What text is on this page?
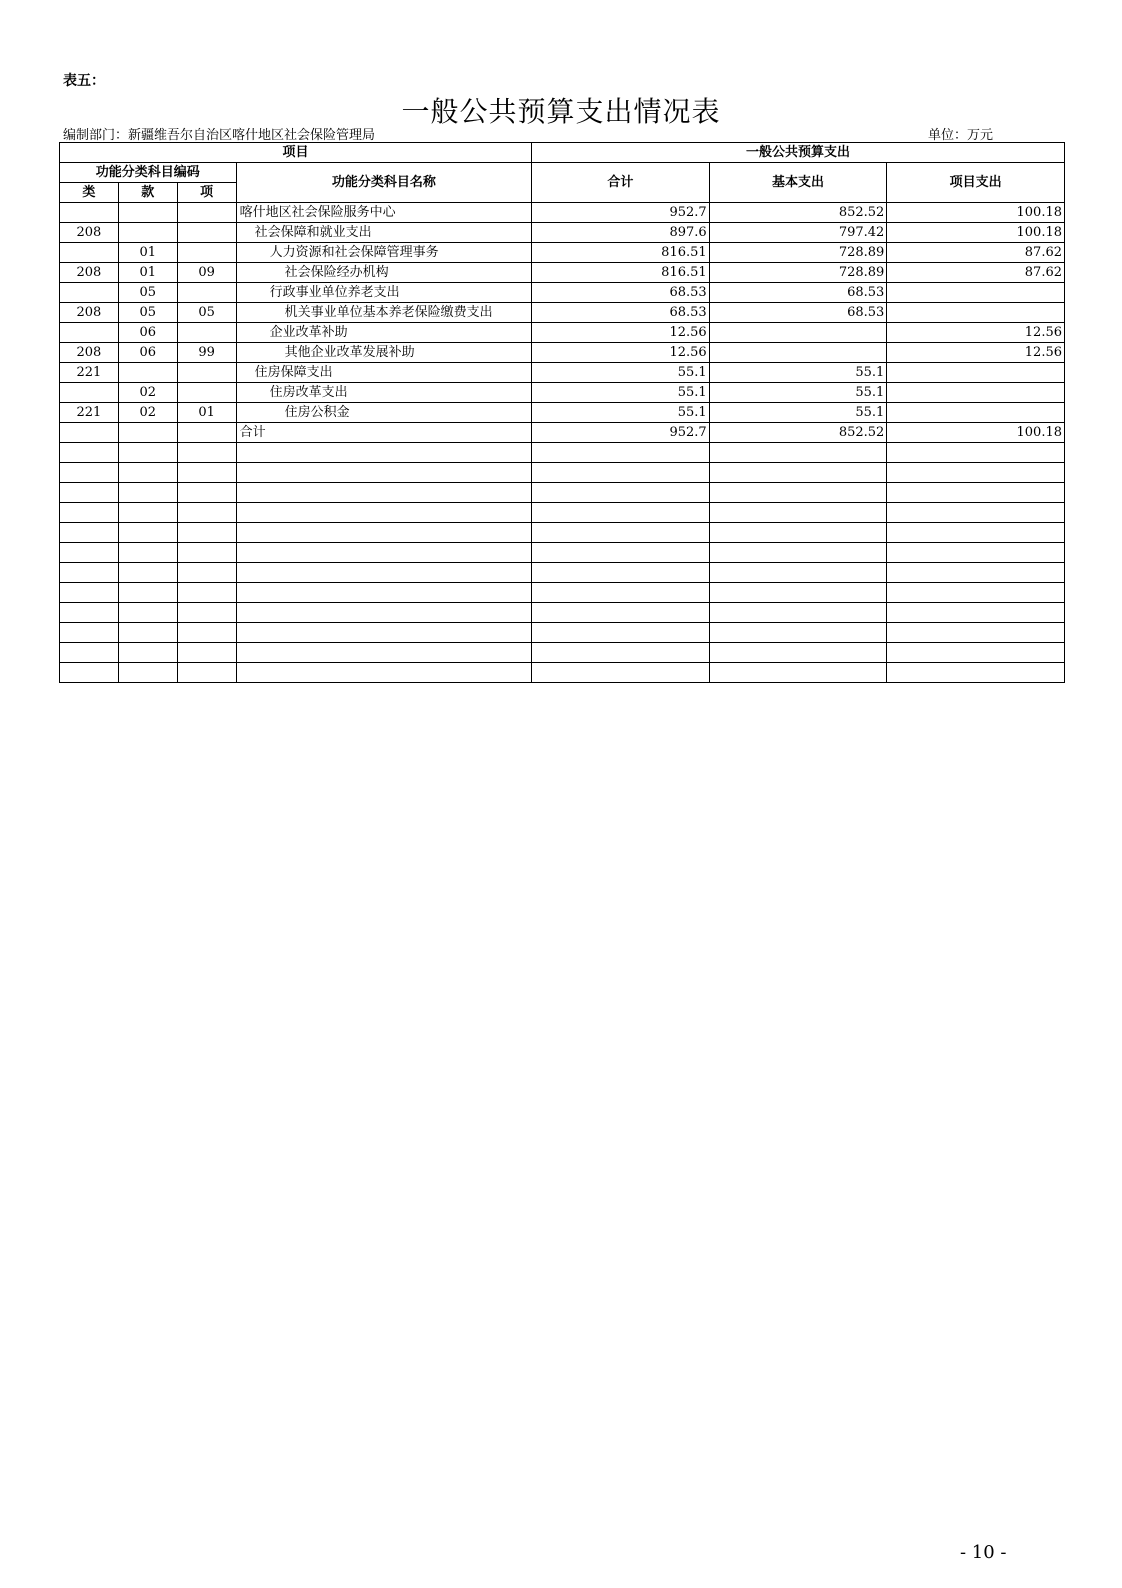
表五：
一般公共预算支出情况表
编制部门：新疆维吾尔自治区喀什地区社会保险管理局	单位：万元
项目				一般公共预算支出		
功能分类科目编码			功能分类科目名称	合计	基本支出	项目支出
类	款	项				
			喀什地区社会保险服务中心	952.7	852.52	100.18
208			社会保障和就业支出	897.6	797.42	100.18
	01		人力资源和社会保障管理事务	816.51	728.89	87.62
208	01	09	社会保险经办机构	816.51	728.89	87.62
	05		行政事业单位养老支出	68.53	68.53	
208	05	05	机关事业单位基本养老保险缴费支出	68.53	68.53	
	06		企业改革补助	12.56		12.56
208	06	99	其他企业改革发展补助	12.56		12.56
221			住房保障支出	55.1	55.1	
	02		住房改革支出	55.1	55.1	
221	02	01	住房公积金	55.1	55.1	
			合计	952.7	852.52	100.18

- 10 -
